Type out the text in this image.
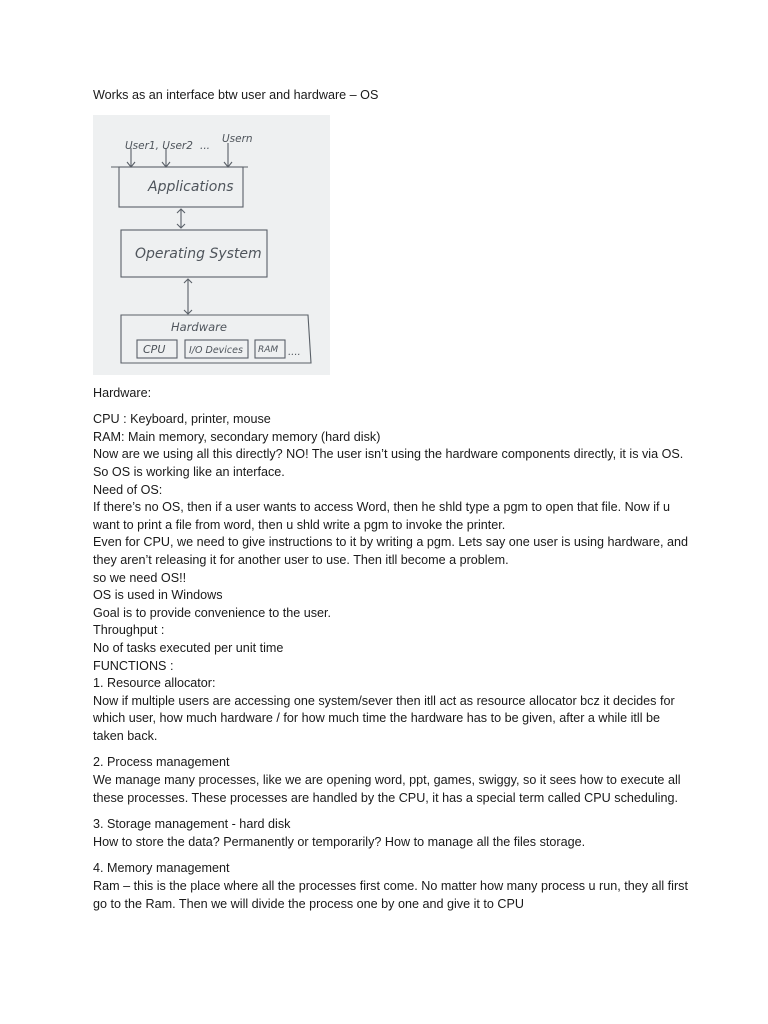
Works as an interface btw user and hardware – OS

User1, User2 ...
Usern
Applications
Operating System
Hardware
CPU I/O Devices RAM ....

Hardware:

CPU : Keyboard, printer, mouse

RAM: Main memory, secondary memory (hard disk)

Now are we using all this directly? NO! The user isn’t using the hardware components directly, it is via OS. So OS is working like an interface.

Need of OS:

If there’s no OS, then if a user wants to access Word, then he shld type a pgm to open that file. Now if u want to print a file from word, then u shld write a pgm to invoke the printer.

Even for CPU, we need to give instructions to it by writing a pgm. Lets say one user is using hardware, and they aren’t releasing it for another user to use. Then itll become a problem.

so we need OS!!

OS is used in Windows

Goal is to provide convenience to the user.

Throughput :

No of tasks executed per unit time

FUNCTIONS :

1. Resource allocator:

Now if multiple users are accessing one system/sever then itll act as resource allocator bcz it decides for which user, how much hardware / for how much time the hardware has to be given, after a while itll be taken back.

2. Process management

We manage many processes, like we are opening word, ppt, games, swiggy, so it sees how to execute all these processes. These processes are handled by the CPU, it has a special term called CPU scheduling.

3. Storage management - hard disk

How to store the data? Permanently or temporarily? How to manage all the files storage.

4. Memory management

Ram – this is the place where all the processes first come. No matter how many process u run, they all first go to the Ram. Then we will divide the process one by one and give it to CPU
